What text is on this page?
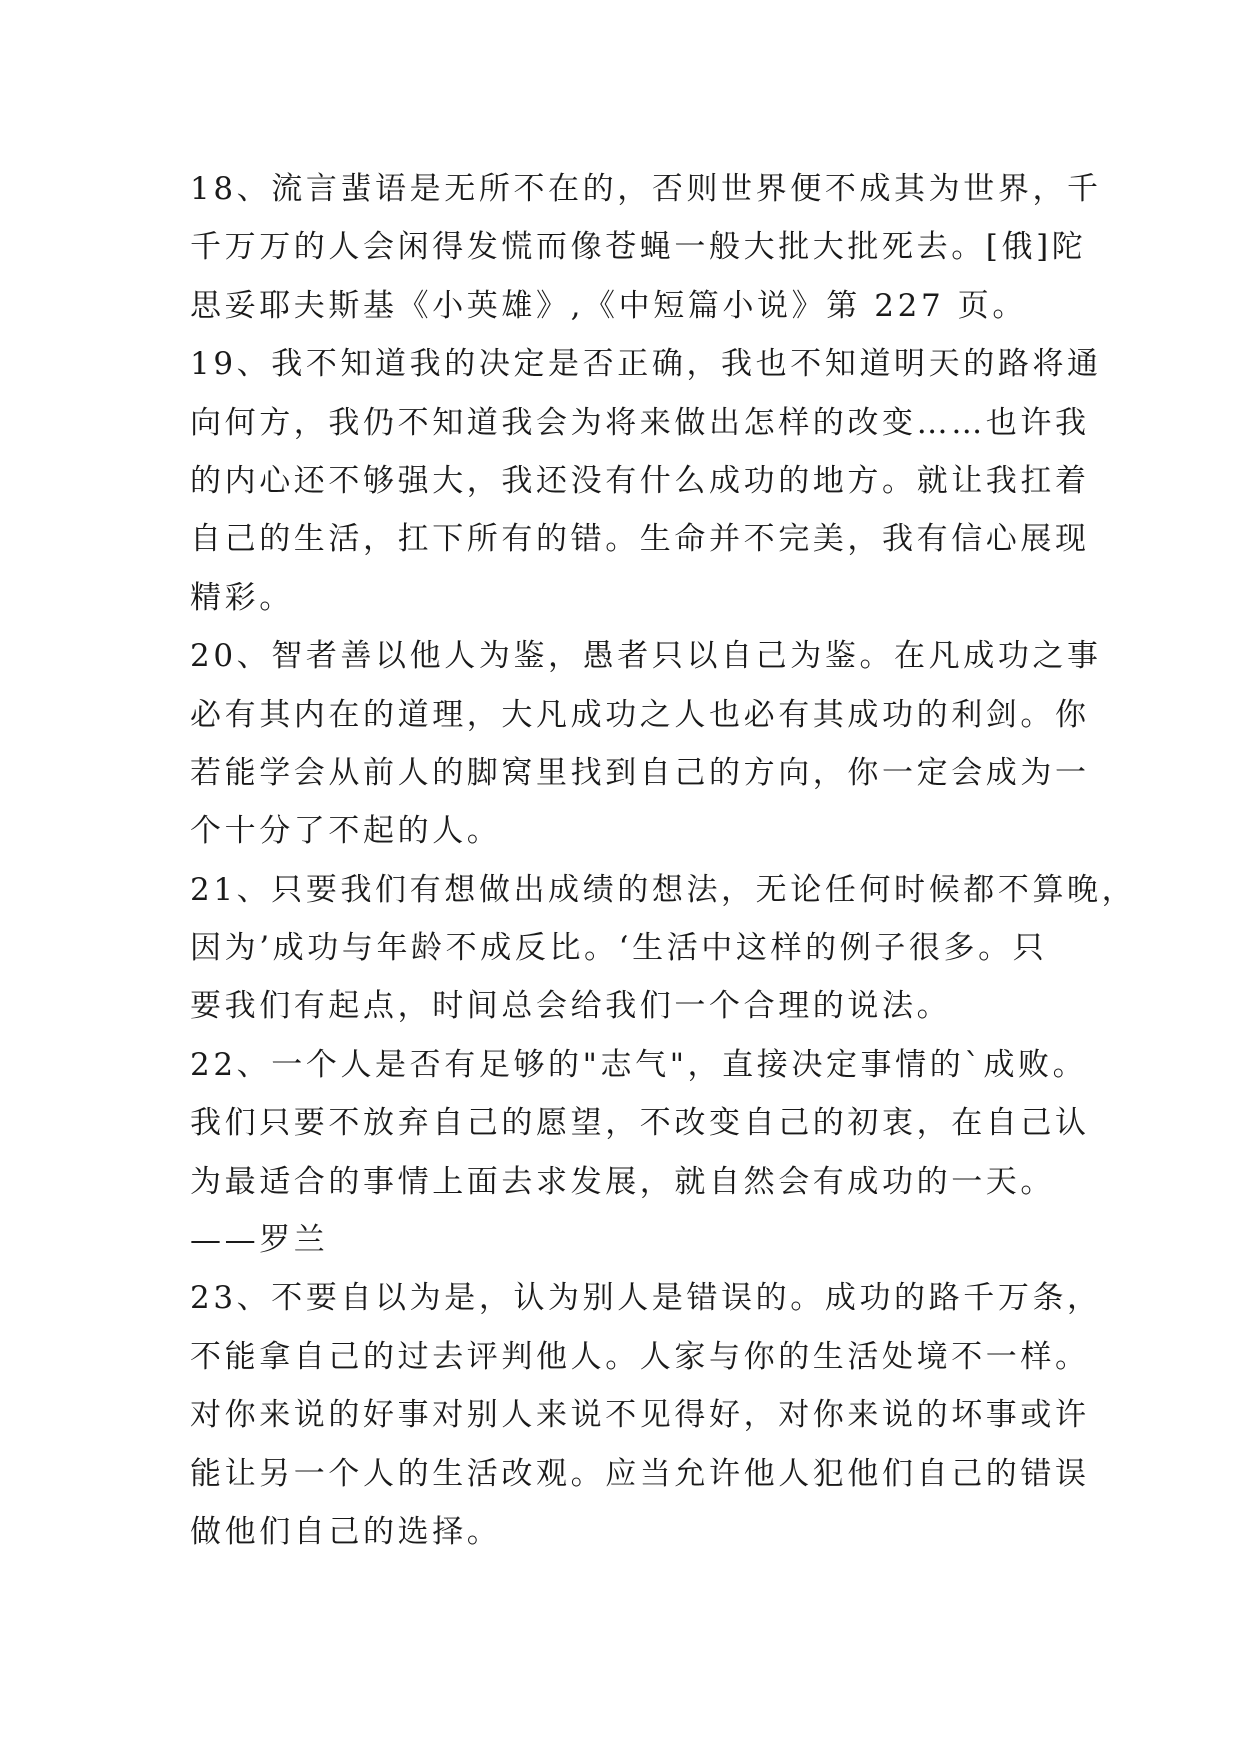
18、流言蜚语是无所不在的，否则世界便不成其为世界，千
千万万的人会闲得发慌而像苍蝇一般大批大批死去。[俄]陀
思妥耶夫斯基《小英雄》,《中短篇小说》第 227 页。
19、我不知道我的决定是否正确，我也不知道明天的路将通
向何方，我仍不知道我会为将来做出怎样的改变……也许我
的内心还不够强大，我还没有什么成功的地方。就让我扛着
自己的生活，扛下所有的错。生命并不完美，我有信心展现
精彩。
20、智者善以他人为鉴，愚者只以自己为鉴。在凡成功之事
必有其内在的道理，大凡成功之人也必有其成功的利剑。你
若能学会从前人的脚窝里找到自己的方向，你一定会成为一
个十分了不起的人。
21、只要我们有想做出成绩的想法，无论任何时候都不算晚，
因为’成功与年龄不成反比。‘生活中这样的例子很多。只
要我们有起点，时间总会给我们一个合理的说法。
22、一个人是否有足够的"志气"，直接决定事情的`成败。
我们只要不放弃自己的愿望，不改变自己的初衷，在自己认
为最适合的事情上面去求发展，就自然会有成功的一天。
——罗兰
23、不要自以为是，认为别人是错误的。成功的路千万条，
不能拿自己的过去评判他人。人家与你的生活处境不一样。
对你来说的好事对别人来说不见得好，对你来说的坏事或许
能让另一个人的生活改观。应当允许他人犯他们自己的错误
做他们自己的选择。
